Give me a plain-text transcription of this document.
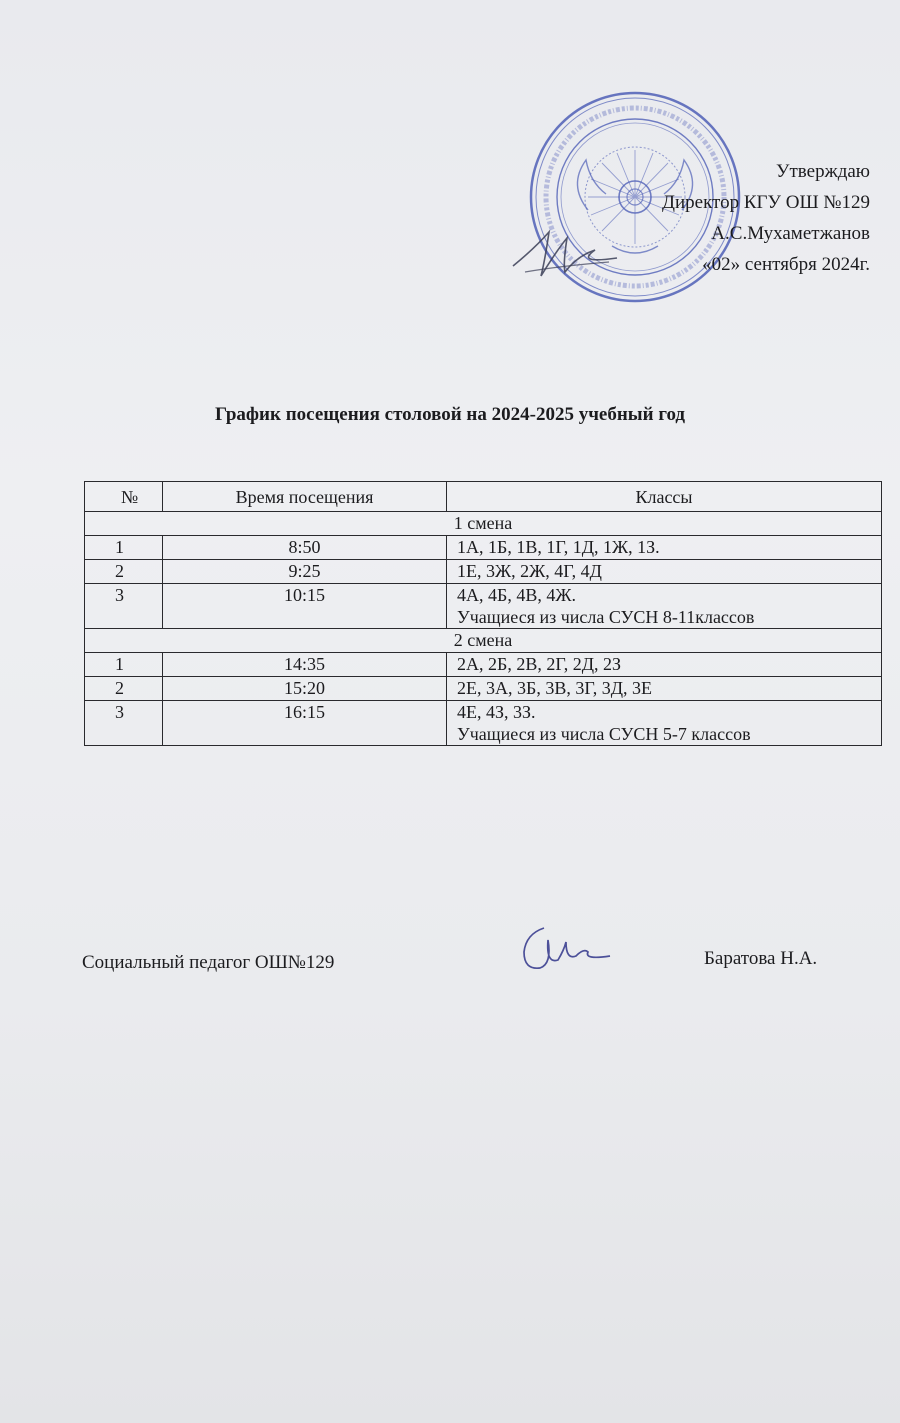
Утверждаю
Директор КГУ ОШ №129
А.С.Мухаметжанов
«02» сентября 2024г.
График посещения столовой на 2024-2025 учебный год
№	Время посещения	Классы
1 смена		
1	8:50	1А, 1Б, 1В, 1Г, 1Д, 1Ж, 1З.
2	9:25	1Е, 3Ж, 2Ж, 4Г, 4Д
3	10:15	4А, 4Б, 4В, 4Ж.
Учащиеся из числа СУСН 8-11классов

2 смена		
1	14:35	2А, 2Б, 2В, 2Г, 2Д, 2З
2	15:20	2Е, 3А, 3Б, 3В, 3Г, 3Д, 3Е
3	16:15	4Е, 4З, 3З.
Учащиеся из числа СУСН 5-7 классов
Социальный педагог ОШ№129	Баратова Н.А.
